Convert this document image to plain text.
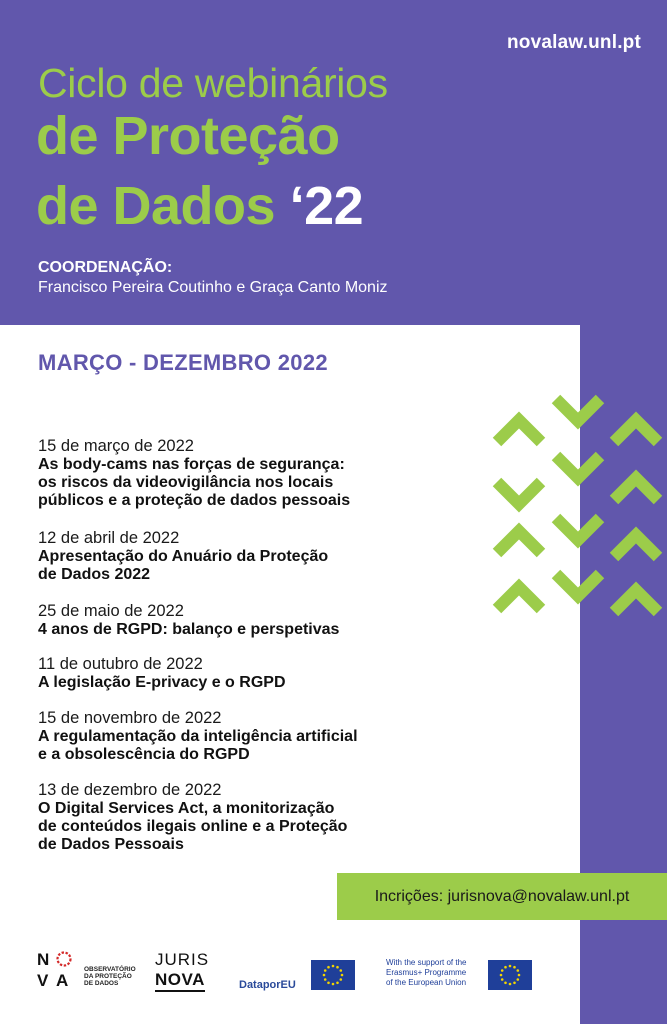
novalaw.unl.pt
Ciclo de webinários
de Proteção
de Dados ‘22
COORDENAÇÃO:
Francisco Pereira Coutinho e Graça Canto Moniz
MARÇO - DEZEMBRO 2022
15 de março de 2022
As body-cams nas forças de segurança:
os riscos da videovigilância nos locais
públicos e a proteção de dados pessoais
12 de abril de 2022
Apresentação do Anuário da Proteção
de Dados 2022
25 de maio de 2022
4 anos de RGPD: balanço e perspetivas
11 de outubro de 2022
A legislação E-privacy e o RGPD
15 de novembro de 2022
A regulamentação da inteligência artificial
e a obsolescência do RGPD
13 de dezembro de 2022
O Digital Services Act, a monitorização
de conteúdos ilegais online e a Proteção
de Dados Pessoais
Incrições: jurisnova@novalaw.unl.pt
N
V A
OBSERVATÓRIO
DA PROTEÇÃO
DE DADOS
JURIS
NOVA	DataporEU
With the support of the
Erasmus+ Programme
of the European Union
